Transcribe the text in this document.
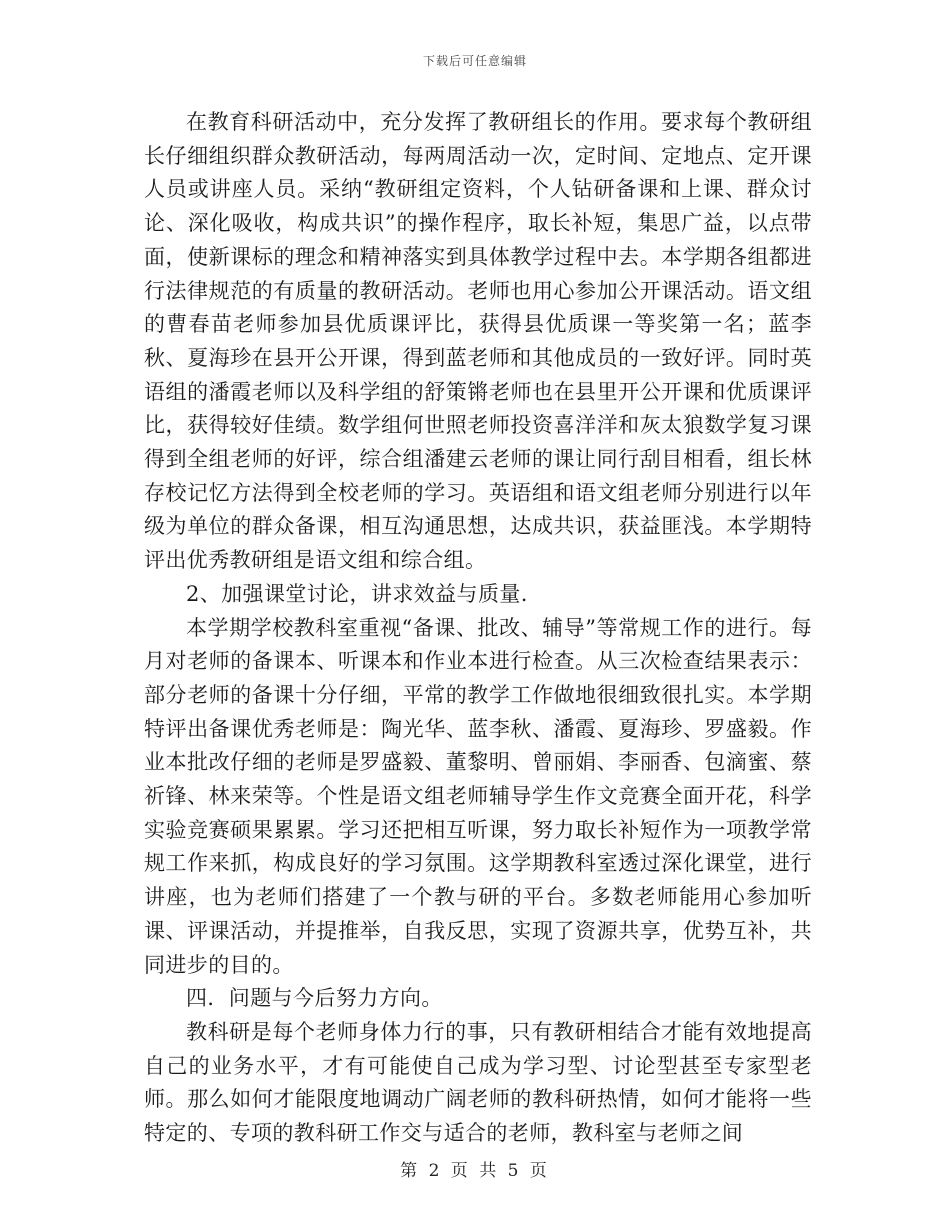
下载后可任意编辑

在教育科研活动中，充分发挥了教研组长的作用。要求每个教研组长仔细组织群众教研活动，每两周活动一次，定时间、定地点、定开课人员或讲座人员。采纳“教研组定资料，个人钻研备课和上课、群众讨论、深化吸收，构成共识”的操作程序，取长补短，集思广益，以点带面，使新课标的理念和精神落实到具体教学过程中去。本学期各组都进行法律规范的有质量的教研活动。老师也用心参加公开课活动。语文组的曹春苗老师参加县优质课评比，获得县优质课一等奖第一名；蓝李秋、夏海珍在县开公开课，得到蓝老师和其他成员的一致好评。同时英语组的潘霞老师以及科学组的舒策锵老师也在县里开公开课和优质课评比，获得较好佳绩。数学组何世照老师投资喜洋洋和灰太狼数学复习课得到全组老师的好评，综合组潘建云老师的课让同行刮目相看，组长林存校记忆方法得到全校老师的学习。英语组和语文组老师分别进行以年级为单位的群众备课，相互沟通思想，达成共识，获益匪浅。本学期特评出优秀教研组是语文组和综合组。

2、加强课堂讨论，讲求效益与质量.

本学期学校教科室重视“备课、批改、辅导”等常规工作的进行。每月对老师的备课本、听课本和作业本进行检查。从三次检查结果表示：部分老师的备课十分仔细，平常的教学工作做地很细致很扎实。本学期特评出备课优秀老师是：陶光华、蓝李秋、潘霞、夏海珍、罗盛毅。作业本批改仔细的老师是罗盛毅、董黎明、曾丽娟、李丽香、包滴蜜、蔡祈锋、林来荣等。个性是语文组老师辅导学生作文竞赛全面开花，科学实验竞赛硕果累累。学习还把相互听课，努力取长补短作为一项教学常规工作来抓，构成良好的学习氛围。这学期教科室透过深化课堂，进行讲座，也为老师们搭建了一个教与研的平台。多数老师能用心参加听课、评课活动，并提推举，自我反思，实现了资源共享，优势互补，共同进步的目的。

四．问题与今后努力方向。

教科研是每个老师身体力行的事，只有教研相结合才能有效地提高自己的业务水平，才有可能使自己成为学习型、讨论型甚至专家型老师。那么如何才能限度地调动广阔老师的教科研热情，如何才能将一些特定的、专项的教科研工作交与适合的老师，教科室与老师之间

第 2 页 共 5 页
